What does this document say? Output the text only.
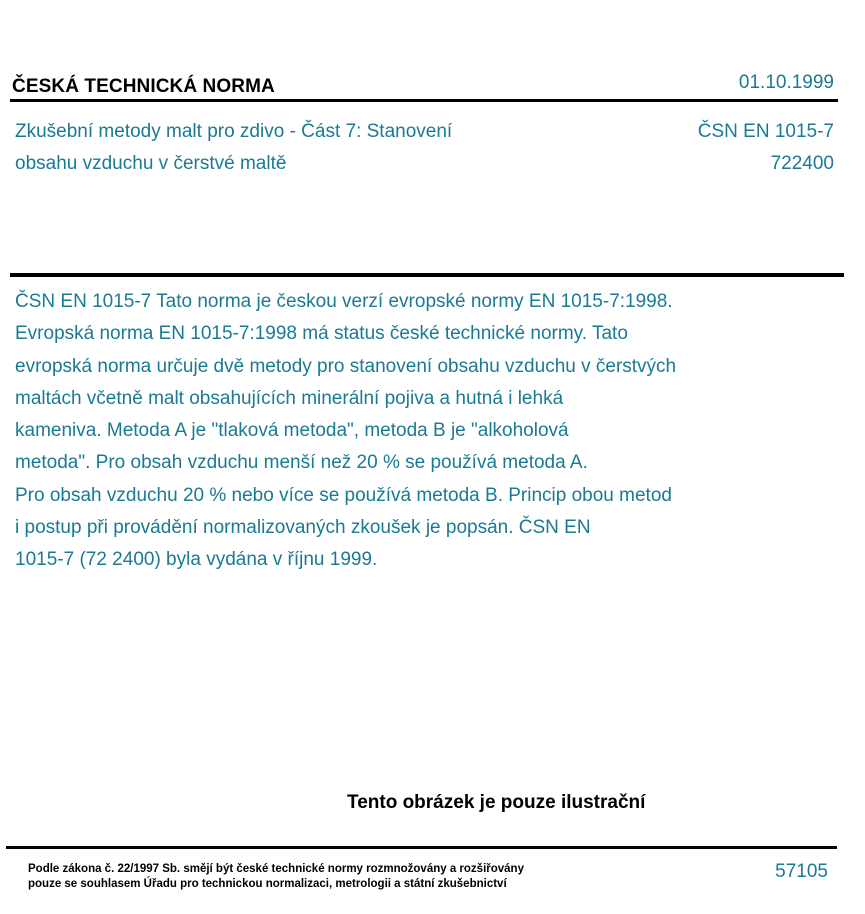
ČESKÁ TECHNICKÁ NORMA	01.10.1999
Zkušební metody malt pro zdivo - Část 7: Stanovení
obsahu vzduchu v čerstvé maltě
ČSN EN 1015-7
722400
ČSN EN 1015-7 Tato norma je českou verzí evropské normy EN 1015-7:1998.
Evropská norma EN 1015-7:1998 má status české technické normy. Tato
evropská norma určuje dvě metody pro stanovení obsahu vzduchu v čerstvých
maltách včetně malt obsahujících minerální pojiva a hutná i lehká
kameniva. Metoda A je "tlaková metoda", metoda B je "alkoholová
metoda". Pro obsah vzduchu menší než 20 % se používá metoda A.
Pro obsah vzduchu 20 % nebo více se používá metoda B. Princip obou metod
i postup při provádění normalizovaných zkoušek je popsán. ČSN EN
1015-7 (72 2400) byla vydána v říjnu 1999.
Tento obrázek je pouze ilustrační
Podle zákona č. 22/1997 Sb. smějí být české technické normy rozmnožovány a rozšiřovány
pouze se souhlasem Úřadu pro technickou normalizaci, metrologii a státní zkušebnictví
57105
